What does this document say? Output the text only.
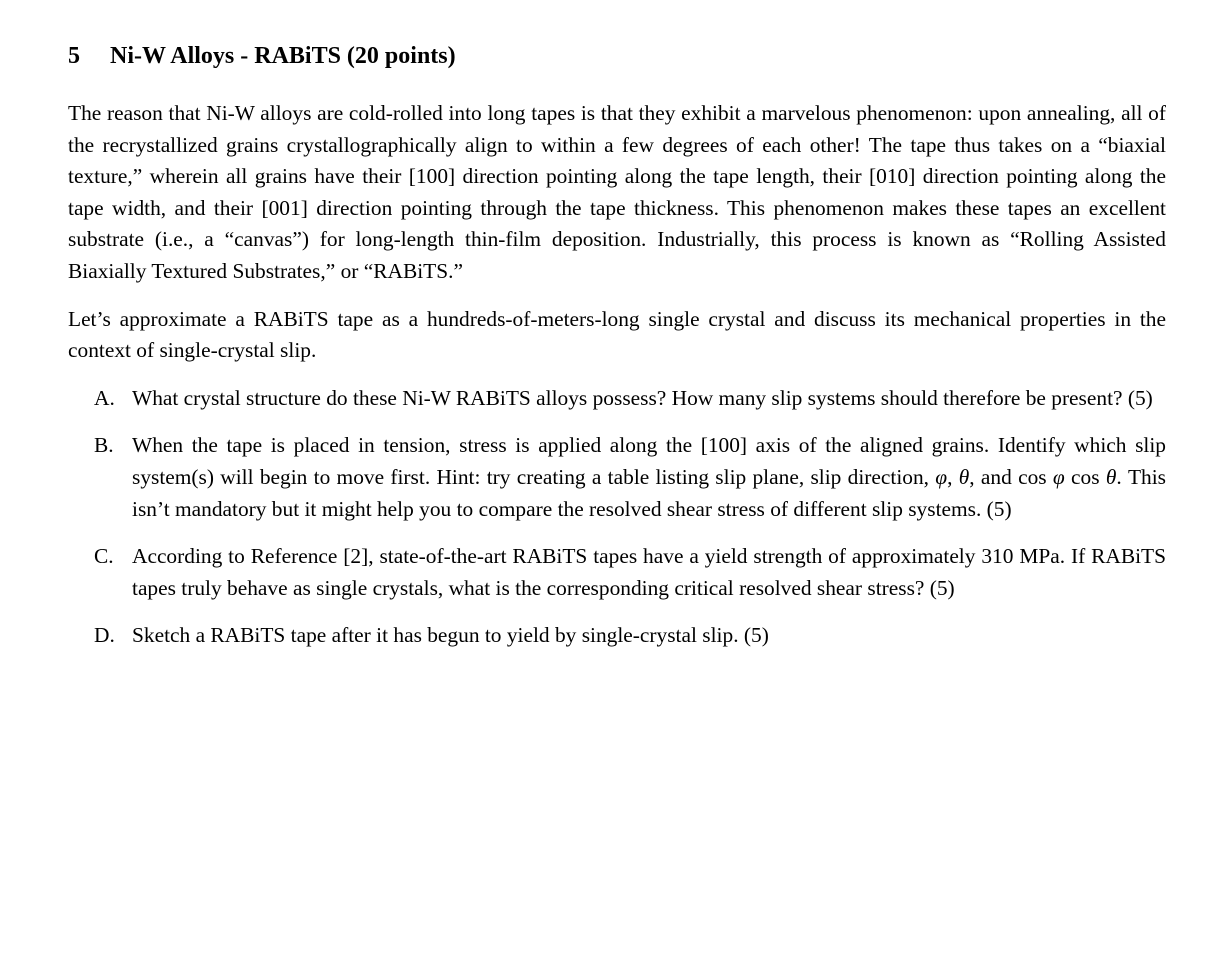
5	Ni-W Alloys - RABiTS (20 points)

The reason that Ni-W alloys are cold-rolled into long tapes is that they exhibit a marvelous phenomenon: upon annealing, all of the recrystallized grains crystallographically align to within a few degrees of each other! The tape thus takes on a “biaxial texture,” wherein all grains have their [100] direction pointing along the tape length, their [010] direction pointing along the tape width, and their [001] direction pointing through the tape thickness. This phenomenon makes these tapes an excellent substrate (i.e., a “canvas”) for long-length thin-film deposition. Industrially, this process is known as “Rolling Assisted Biaxially Textured Substrates,” or “RABiTS.”

Let’s approximate a RABiTS tape as a hundreds-of-meters-long single crystal and discuss its mechanical properties in the context of single-crystal slip.

A. What crystal structure do these Ni-W RABiTS alloys possess? How many slip systems should therefore be present? (5)
B. When the tape is placed in tension, stress is applied along the [100] axis of the aligned grains. Identify which slip system(s) will begin to move first. Hint: try creating a table listing slip plane, slip direction, φ, θ, and cos φ cos θ. This isn’t mandatory but it might help you to compare the resolved shear stress of different slip systems. (5)
C. According to Reference [2], state-of-the-art RABiTS tapes have a yield strength of approximately 310 MPa. If RABiTS tapes truly behave as single crystals, what is the corresponding critical resolved shear stress? (5)
D. Sketch a RABiTS tape after it has begun to yield by single-crystal slip. (5)
